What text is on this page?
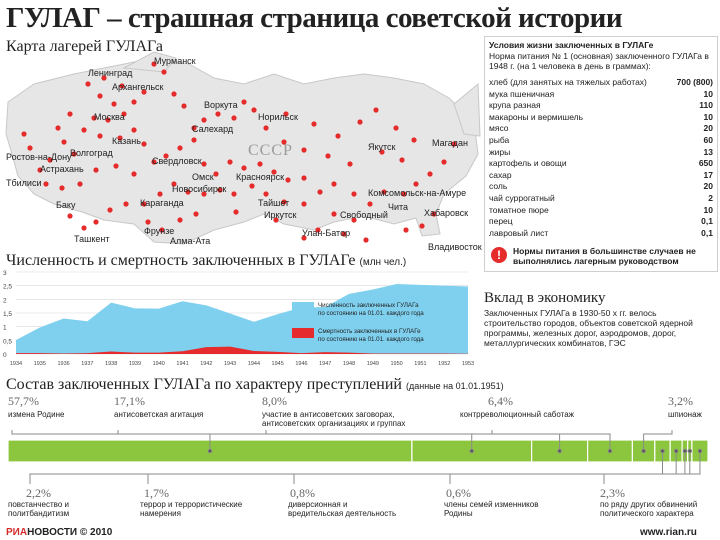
ГУЛАГ – страшная страница советской истории
Карта лагерей ГУЛАГа
СССР
Мурманск
Ленинград
Архангельск
Воркута
Норильск
Москва
Салехард
Казань
Якутск	Магадан
Ростов-на-Дону
Волгоград
Свердловск
Астрахань
Тбилиси
Омск
Новосибирск
Красноярск
Комсомольск-на-Амуре
Баку	Караганда	Тайшет
Иркутск	Свободный	Хабаровск
Чита
Фрунзе
Ташкент	Алма-Ата
Улан-Батор
Владивосток
Условия жизни заключенных в ГУЛАГе
Норма питания № 1 (основная) заключенного ГУЛАГа в 1948 г. (на 1 человека в день в граммах):
хлеб (для занятых на тяжелых работах)	700 (800)
мука пшеничная	10
крупа разная	110
макароны и вермишель	10
мясо	20
рыба	60
жиры	13
картофель и овощи	650
сахар	17
соль	20
чай суррогатный	2
томатное пюре	10
перец	0,1
лавровый лист	0,1
!	Нормы питания в большинстве случаев не выполнялись лагерным руководством
Численность и смертность заключенных в ГУЛАГе (млн чел.)
0
0,5
1
1,5
2
2,5
3
1934 1935 1936 1937 1938 1939 1940 1941 1942 1943 1944 1945 1946 1947 1948 1949 1950 1951 1952 1953
Численность заключенных ГУЛАГа
по состоянию на 01.01. каждого года
Смертность заключенных в ГУЛАГе
по состоянию на 01.01. каждого года
Вклад в экономику
Заключенных ГУЛАГа в 1930-50 х гг. велось строительство городов, объектов советской ядерной программы, железных дорог, аэродромов, дорог, металлургических комбинатов, ГЭС
Состав заключенных ГУЛАГа по характеру преступлений (данные на 01.01.1951)
57,7%
измена Родине
17,1%
антисоветская агитация
8,0%
участие в антисоветских заговорах, антисоветских организациях и группах
6,4%
контрреволюционный саботаж
3,2%
шпионаж
2,2%
повстанчество и политбандитизм
1,7%
террор и террористические намерения
0,8%
диверсионная и вредительская деятельность
0,6%
члены семей изменников Родины
2,3%
по ряду других обвинений политического характера
РИАНОВОСТИ © 2010	www.rian.ru
